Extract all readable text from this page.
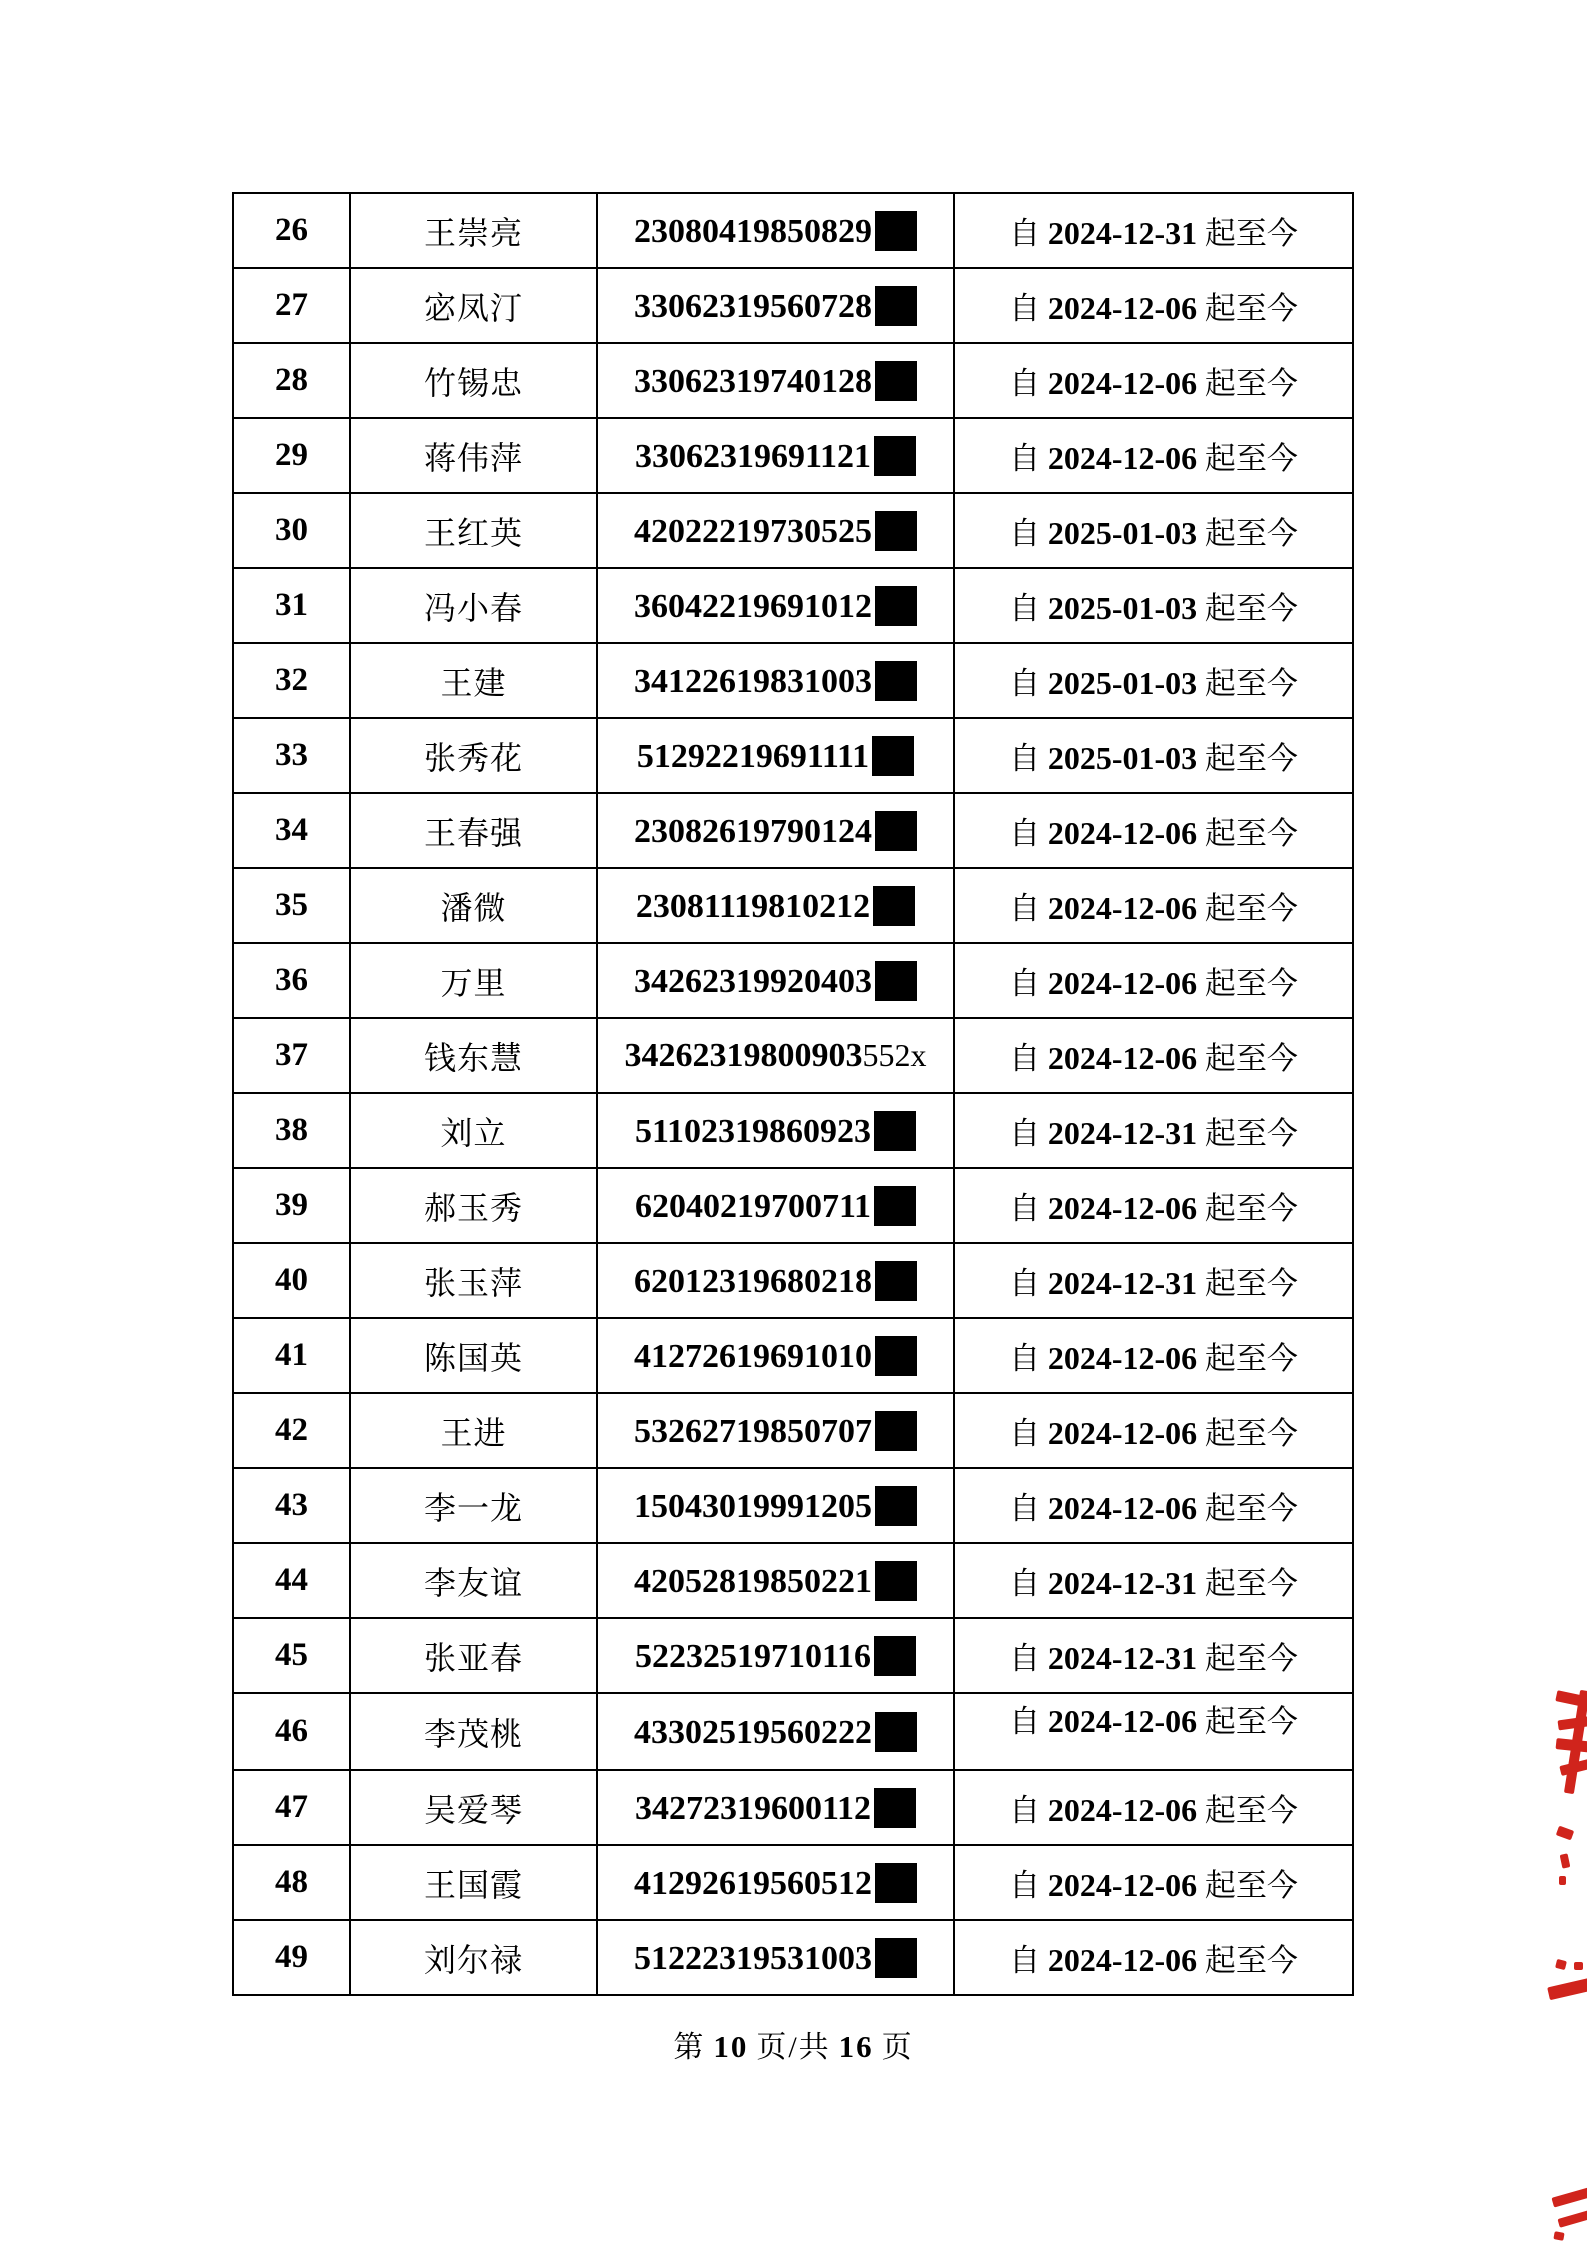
26	王崇亮	23080419850829	自 2024-12-31 起至今
27	宓凤汀	33062319560728	自 2024-12-06 起至今
28	竹锡忠	33062319740128	自 2024-12-06 起至今
29	蒋伟萍	33062319691121	自 2024-12-06 起至今
30	王红英	42022219730525	自 2025-01-03 起至今
31	冯小春	36042219691012	自 2025-01-03 起至今
32	王建	34122619831003	自 2025-01-03 起至今
33	张秀花	51292219691111	自 2025-01-03 起至今
34	王春强	23082619790124	自 2024-12-06 起至今
35	潘微	23081119810212	自 2024-12-06 起至今
36	万里	34262319920403	自 2024-12-06 起至今
37	钱东慧	34262319800903552x	自 2024-12-06 起至今
38	刘立	51102319860923	自 2024-12-31 起至今
39	郝玉秀	62040219700711	自 2024-12-06 起至今
40	张玉萍	62012319680218	自 2024-12-31 起至今
41	陈国英	41272619691010	自 2024-12-06 起至今
42	王进	53262719850707	自 2024-12-06 起至今
43	李一龙	15043019991205	自 2024-12-06 起至今
44	李友谊	42052819850221	自 2024-12-31 起至今
45	张亚春	52232519710116	自 2024-12-31 起至今
46	李茂桃	43302519560222	自 2024-12-06 起至今
47	吴爱琴	34272319600112	自 2024-12-06 起至今
48	王国霞	41292619560512	自 2024-12-06 起至今
49	刘尔禄	51222319531003	自 2024-12-06 起至今
第 10 页/共 16 页
